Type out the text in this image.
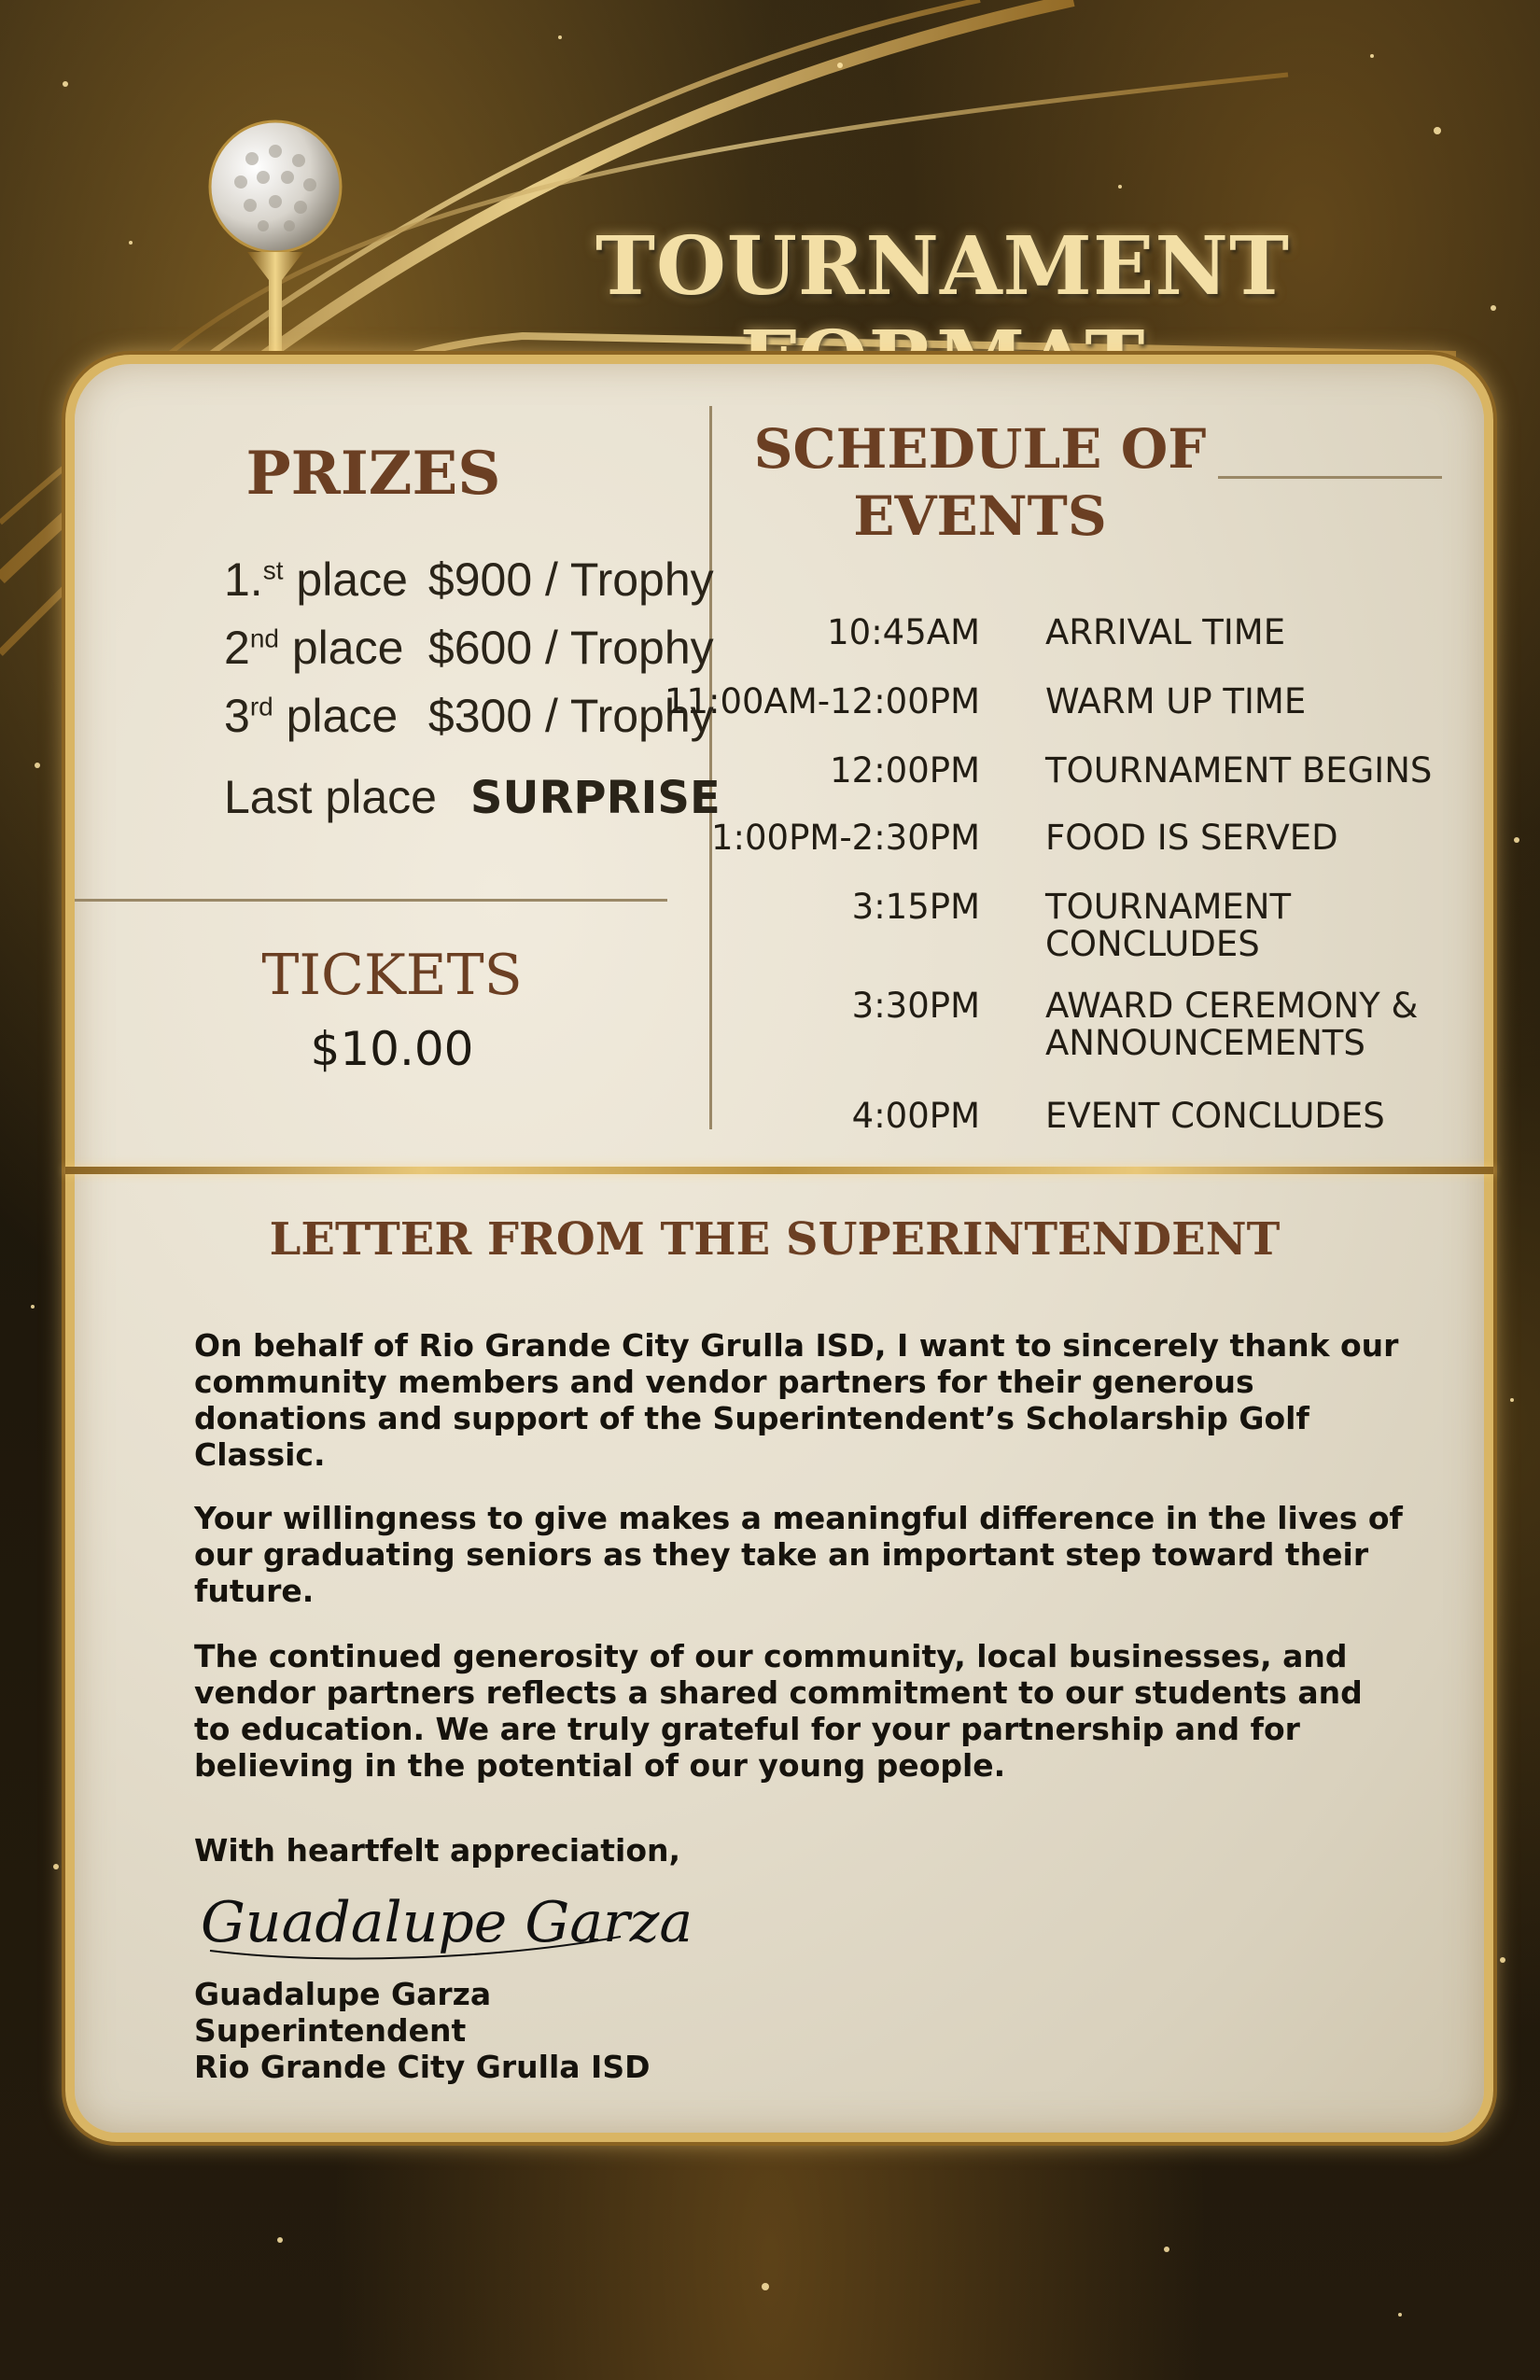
TOURNAMENT
PRIZES
1.$^{st}$ place $900 / Trophy
2nd place $600 / Trophy
3rd place $300 / Trophy
Last place SURPRISE
TICKETS
$10.00
SCHEDULE OF
EVENTS
10:45AM ARRIVAL TIME
11:00AM-12:00PM WARM UP TIME
12:00PM TOURNAMENT BEGINS
1:00PM-2:30PM FOOD IS SERVED
3:15PM TOURNAMENT CONCLUDES
3:30PM AWARD CEREMONY & ANNOUNCEMENTS
4:00PM EVENT CONCLUDES
LETTER FROM THE SUPERINTENDENT

On behalf of Rio Grande City Grulla ISD, I want to sincerely thank our community members and vendor partners for their generous donations and support of the Superintendent’s Scholarship Golf Classic.

Your willingness to give makes a meaningful difference in the lives of our graduating seniors as they take an important step toward their future.

The continued generosity of our community, local businesses, and vendor partners reflects a shared commitment to our students and to education. We are truly grateful for your partnership and for believing in the potential of our young people.

With heartfelt appreciation,
Guadalupe Garza
Guadalupe Garza
Superintendent
Rio Grande City Grulla ISD
